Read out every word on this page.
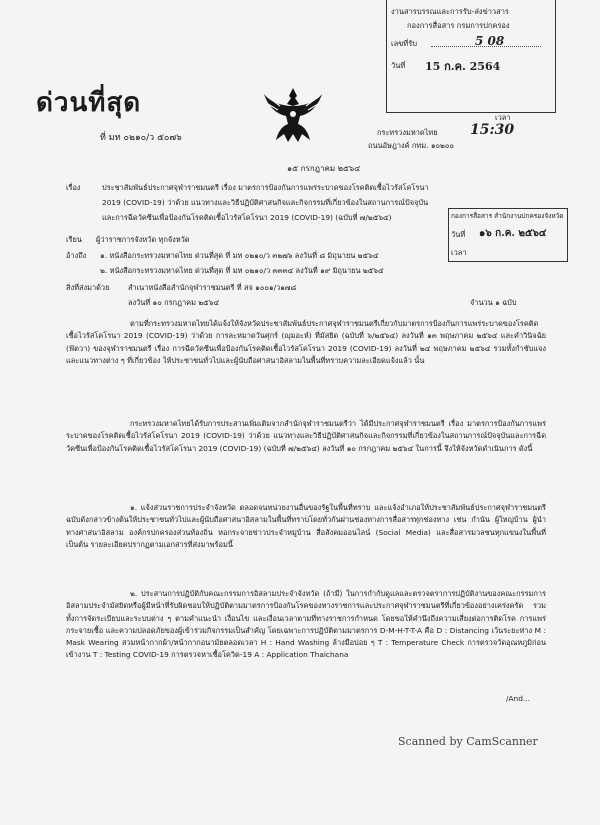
ด่วนที่สุด
ที่ มท ๐๒๑๐/ว ๕๐๗๖
งานสารบรรณและการรับ-ส่งข่าวสาร
กองการสื่อสาร กรมการปกครอง
เลขที่รับ	5 08
วันที่ 15 ก.ค. 2564
กระทรวงมหาดไทย
เวลา
15:30
ถนนอัษฎางค์ กทม. ๑๐๒๐๐
๑๕ กรกฎาคม ๒๕๖๔
เรื่อง	ประชาสัมพันธ์ประกาศจุฬาราชมนตรี เรื่อง มาตรการป้องกันการแพร่ระบาดของโรคติดเชื้อไวรัสโคโรนา
2019 (COVID-19) ว่าด้วย แนวทางและวิธีปฏิบัติศาสนกิจและกิจกรรมที่เกี่ยวข้องในสถานการณ์ปัจจุบัน
และการฉีดวัคซีนเพื่อป้องกันโรคติดเชื้อไวรัสโคโรนา 2019 (COVID-19) (ฉบับที่ ๗/๒๕๖๔)	กองการสื่อสาร สำนักงานปกครองจังหวัด
วันที่ ๑๖ ก.ค. ๒๕๖๔
เวลา
เรียน ผู้ว่าราชการจังหวัด ทุกจังหวัด
อ้างถึง ๑. หนังสือกระทรวงมหาดไทย ด่วนที่สุด ที่ มท ๐๒๑๐/ว ๓๒๗๖ ลงวันที่ ๘ มิถุนายน ๒๕๖๔
๒. หนังสือกระทรวงมหาดไทย ด่วนที่สุด ที่ มท ๐๒๑๐/ว ๓๓๓๔ ลงวันที่ ๑๙ มิถุนายน ๒๕๖๔
สิ่งที่ส่งมาด้วย	สำเนาหนังสือสำนักจุฬาราชมนตรี ที่ สจ ๑๐๐๑/ว๑๗๘
ลงวันที่ ๑๐ กรกฎาคม ๒๕๖๔	จำนวน ๑ ฉบับ
ตามที่กระทรวงมหาดไทยได้แจ้งให้จังหวัดประชาสัมพันธ์ประกาศจุฬาราชมนตรีเกี่ยวกับมาตรการป้องกันการแพร่ระบาดของโรคติดเชื้อไวรัสโคโรนา 2019 (COVID-19) ว่าด้วย การละหมาดวันศุกร์ (ญุมอะห์) ที่มัสยิด (ฉบับที่ ๖/๒๕๖๔) ลงวันที่ ๑๓ พฤษภาคม ๒๕๖๔ และคำวินิจฉัย (ฟัตวา) ของจุฬาราชมนตรี เรื่อง การฉีดวัคซีนเพื่อป้องกันโรคติดเชื้อไวรัสโคโรนา 2019 (COVID-19) ลงวันที่ ๒๔ พฤษภาคม ๒๕๖๔ รวมทั้งกำชับแจงและแนวทางต่าง ๆ ที่เกี่ยวข้อง ให้ประชาชนทั่วไปและผู้นับถือศาสนาอิสลามในพื้นที่ทราบความละเอียดแจ้งแล้ว นั้น
กระทรวงมหาดไทยได้รับการประสานเพิ่มเติมจากสำนักจุฬาราชมนตรีว่า ได้มีประกาศจุฬาราชมนตรี เรื่อง มาตรการป้องกันการแพร่ระบาดของโรคติดเชื้อไวรัสโคโรนา 2019 (COVID-19) ว่าด้วย แนวทางและวิธีปฏิบัติศาสนกิจและกิจกรรมที่เกี่ยวข้องในสถานการณ์ปัจจุบันและการฉีดวัคซีนเพื่อป้องกันโรคติดเชื้อไวรัสโคโรนา 2019 (COVID-19) (ฉบับที่ ๗/๒๕๖๔) ลงวันที่ ๑๐ กรกฎาคม ๒๕๖๔ ในการนี้ จึงให้จังหวัดดำเนินการ ดังนี้
๑. แจ้งส่วนราชการประจำจังหวัด ตลอดจนหน่วยงานอื่นของรัฐในพื้นที่ทราบ และแจ้งอำเภอให้ประชาสัมพันธ์ประกาศจุฬาราชมนตรีฉบับดังกล่าวข้างต้นให้ประชาชนทั่วไปและผู้นับถือศาสนาอิสลามในพื้นที่ทราบโดยทั่วกันผ่านช่องทางการสื่อสารทุกช่องทาง เช่น กำนัน ผู้ใหญ่บ้าน ผู้นำทางศาสนาอิสลาม องค์กรปกครองส่วนท้องถิ่น หอกระจายข่าวประจำหมู่บ้าน สื่อสังคมออนไลน์ (Social Media) และสื่อสารมวลชนทุกแขนงในพื้นที่ เป็นต้น รายละเอียดปรากฏตามเอกสารที่ส่งมาพร้อมนี้
๒. ประสานการปฏิบัติกับคณะกรรมการอิสลามประจำจังหวัด (ถ้ามี) ในการกำกับดูแลและตรวจตราการปฏิบัติงานของคณะกรรมการอิสลามประจำมัสยิดหรือผู้มีหน้าที่รับผิดชอบให้ปฏิบัติตามมาตรการป้องกันโรคของทางราชการและประกาศจุฬาราชมนตรีที่เกี่ยวข้องอย่างเคร่งครัด รวมทั้งการจัดระเบียบและระบบต่าง ๆ ตามคำแนะนำ เงื่อนไข และเงื่อนเวลาตามที่ทางราชการกำหนด โดยขอให้คำนึงถึงความเสี่ยงต่อการติดโรค การแพร่กระจายเชื้อ และความปลอดภัยของผู้เข้าร่วมกิจกรรมเป็นสำคัญ โดยเฉพาะการปฏิบัติตามมาตรการ D-M-H-T-T-A คือ D : Distancing เว้นระยะห่าง M : Mask Wearing สวมหน้ากากผ้า/หน้ากากอนามัยตลอดเวลา H : Hand Washing ล้างมือบ่อย ๆ T : Temperature Check การตรวจวัดอุณหภูมิก่อนเข้างาน T : Testing COVID-19 การตรวจหาเชื้อโควิด-19 A : Application Thaichana
/And...
Scanned by CamScanner
